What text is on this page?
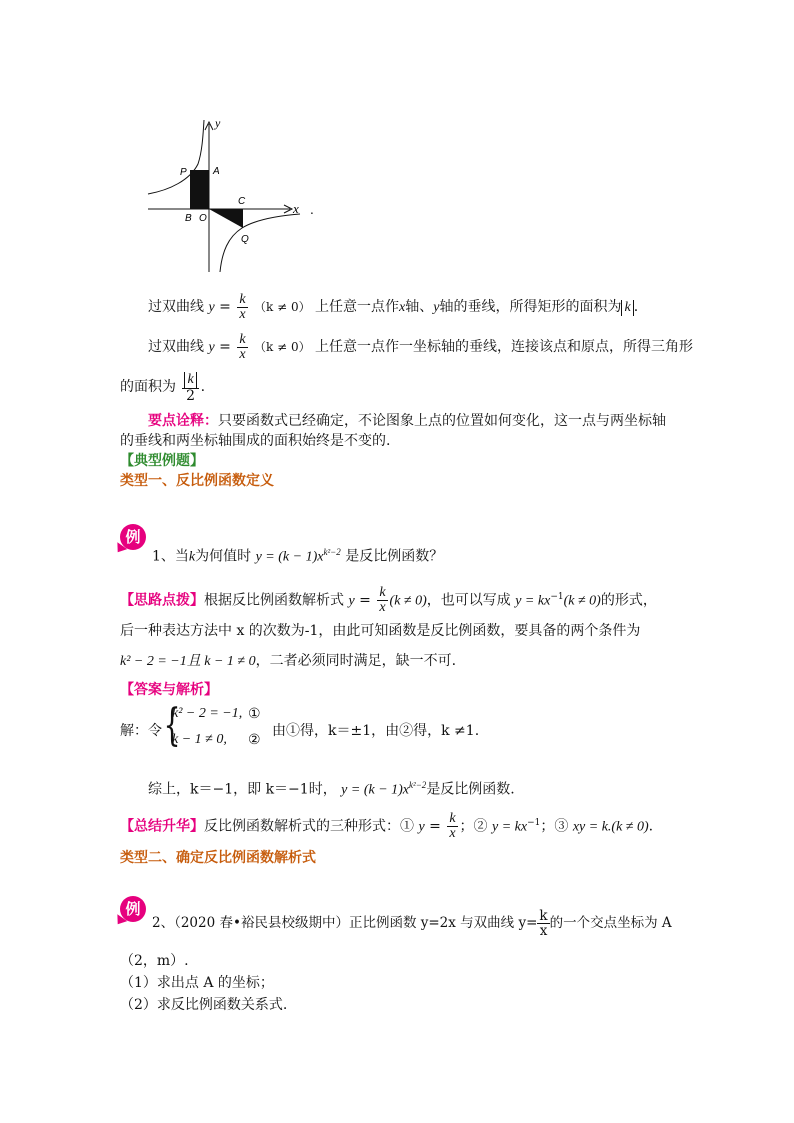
y
x
P	A
B O
C
Q
.
过双曲线 $y = \frac{k}{x} (k \ne 0)$ 上任意一点作x轴、y轴的垂线，所得矩形的面积为 k .
过双曲线 $y = \frac{k}{x} (k \ne 0)$ 上任意一点作一坐标轴的垂线，连接该点和原点，所得三角形
的面积为 $\frac{k}{2}$ .
要点诠释：只要函数式已经确定，不论图象上点的位置如何变化，这一点与两坐标轴
的垂线和两坐标轴围成的面积始终是不变的.
【典型例题】
类型一、反比例函数定义
例
1、当k为何值时 $y = (k - 1)x^{k^2-2}$ 是反比例函数？
【思路点拨】根据反比例函数解析式 $y = \frac{k}{x} (k \ne 0)$，也可以写成 $y = kx^{-1}(k \ne 0)$的形式，
后一种表达方法中 x 的次数为-1，由此可知函数是反比例函数，要具备的两个条件为
k² − 2 = −1且 k − 1 ≠ 0，二者必须同时满足，缺一不可.
【答案与解析】
解：令 {
k² − 2 = −1, ①
k − 1 ≠ 0, ②
由①得，k＝±1，由②得，k ≠1.
综上，k＝−1，即 k＝−1时， $y = (k - 1)x^{k^2-2}$是反比例函数.
【总结升华】反比例函数解析式的三种形式：① $y = \frac{k}{x}$ ；② $y = kx^{-1}$；③ xy = k.(k ≠ 0).
类型二、确定反比例函数解析式
例
2、（2020 春•裕民县校级期中）正比例函数 y=2x 与双曲线 $y= \frac{k}{x}$ 的一个交点坐标为 A
（2，m）.
（1）求出点 A 的坐标；
（2）求反比例函数关系式.
